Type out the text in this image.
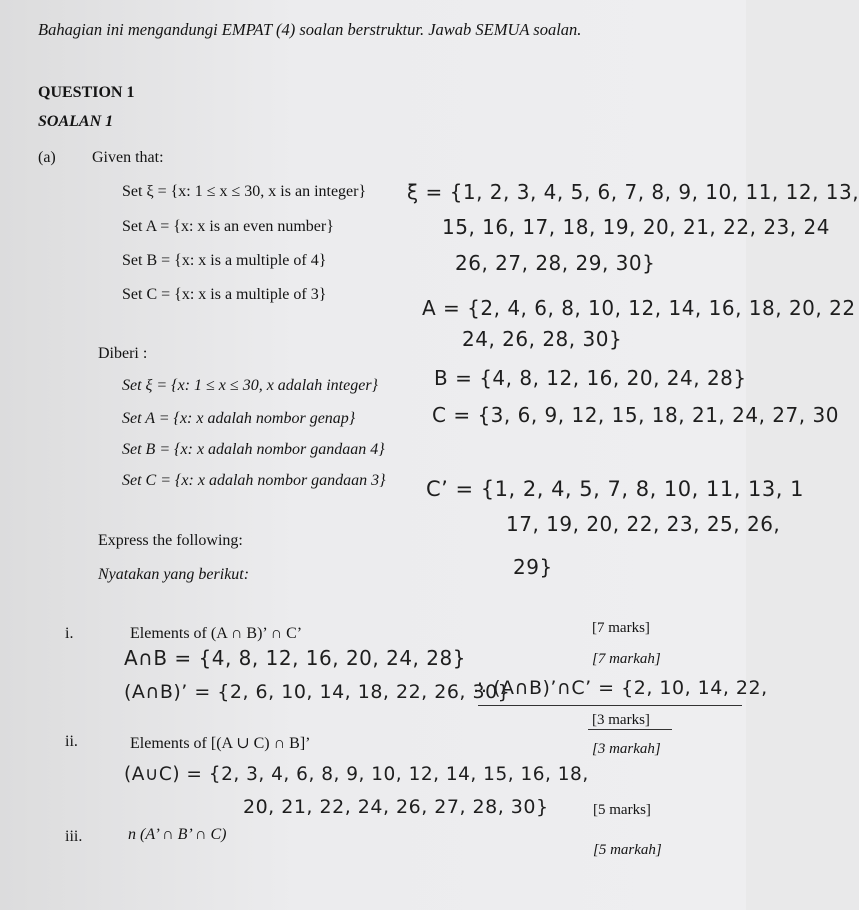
Bahagian ini mengandungi EMPAT (4) soalan berstruktur. Jawab SEMUA soalan.
QUESTION 1
SOALAN 1
(a) Given that:
Set ξ = {x: 1 ≤ x ≤ 30, x is an integer}
Set A = {x: x is an even number}
Set B = {x: x is a multiple of 4}
Set C = {x: x is a multiple of 3}
Diberi :
Set ξ = {x: 1 ≤ x ≤ 30, x adalah integer}
Set A = {x: x adalah nombor genap}
Set B = {x: x adalah nombor gandaan 4}
Set C = {x: x adalah nombor gandaan 3}
Express the following:
Nyatakan yang berikut:
i.	Elements of (A ∩ B)’ ∩ C’	[7 marks]
[7 markah]
ii.	Elements of [(A ∪ C) ∩ B]’
[3 marks]
[3 markah]
[5 marks]
iii.	n (A’ ∩ B’ ∩ C)
[5 markah]
ξ = {1, 2, 3, 4, 5, 6, 7, 8, 9, 10, 11, 12, 13,
15, 16, 17, 18, 19, 20, 21, 22, 23, 24
26, 27, 28, 29, 30}
A = {2, 4, 6, 8, 10, 12, 14, 16, 18, 20, 22
24, 26, 28, 30}
B = {4, 8, 12, 16, 20, 24, 28}
C = {3, 6, 9, 12, 15, 18, 21, 24, 27, 30
C’ = {1, 2, 4, 5, 7, 8, 10, 11, 13, 1
17, 19, 20, 22, 23, 25, 26,
29}
A∩B = {4, 8, 12, 16, 20, 24, 28}
(A∩B)’ = {2, 6, 10, 14, 18, 22, 26, 30}
∴ (A∩B)’∩C’ = {2, 10, 14, 22,
(A∪C) = {2, 3, 4, 6, 8, 9, 10, 12, 14, 15, 16, 18,
20, 21, 22, 24, 26, 27, 28, 30}
